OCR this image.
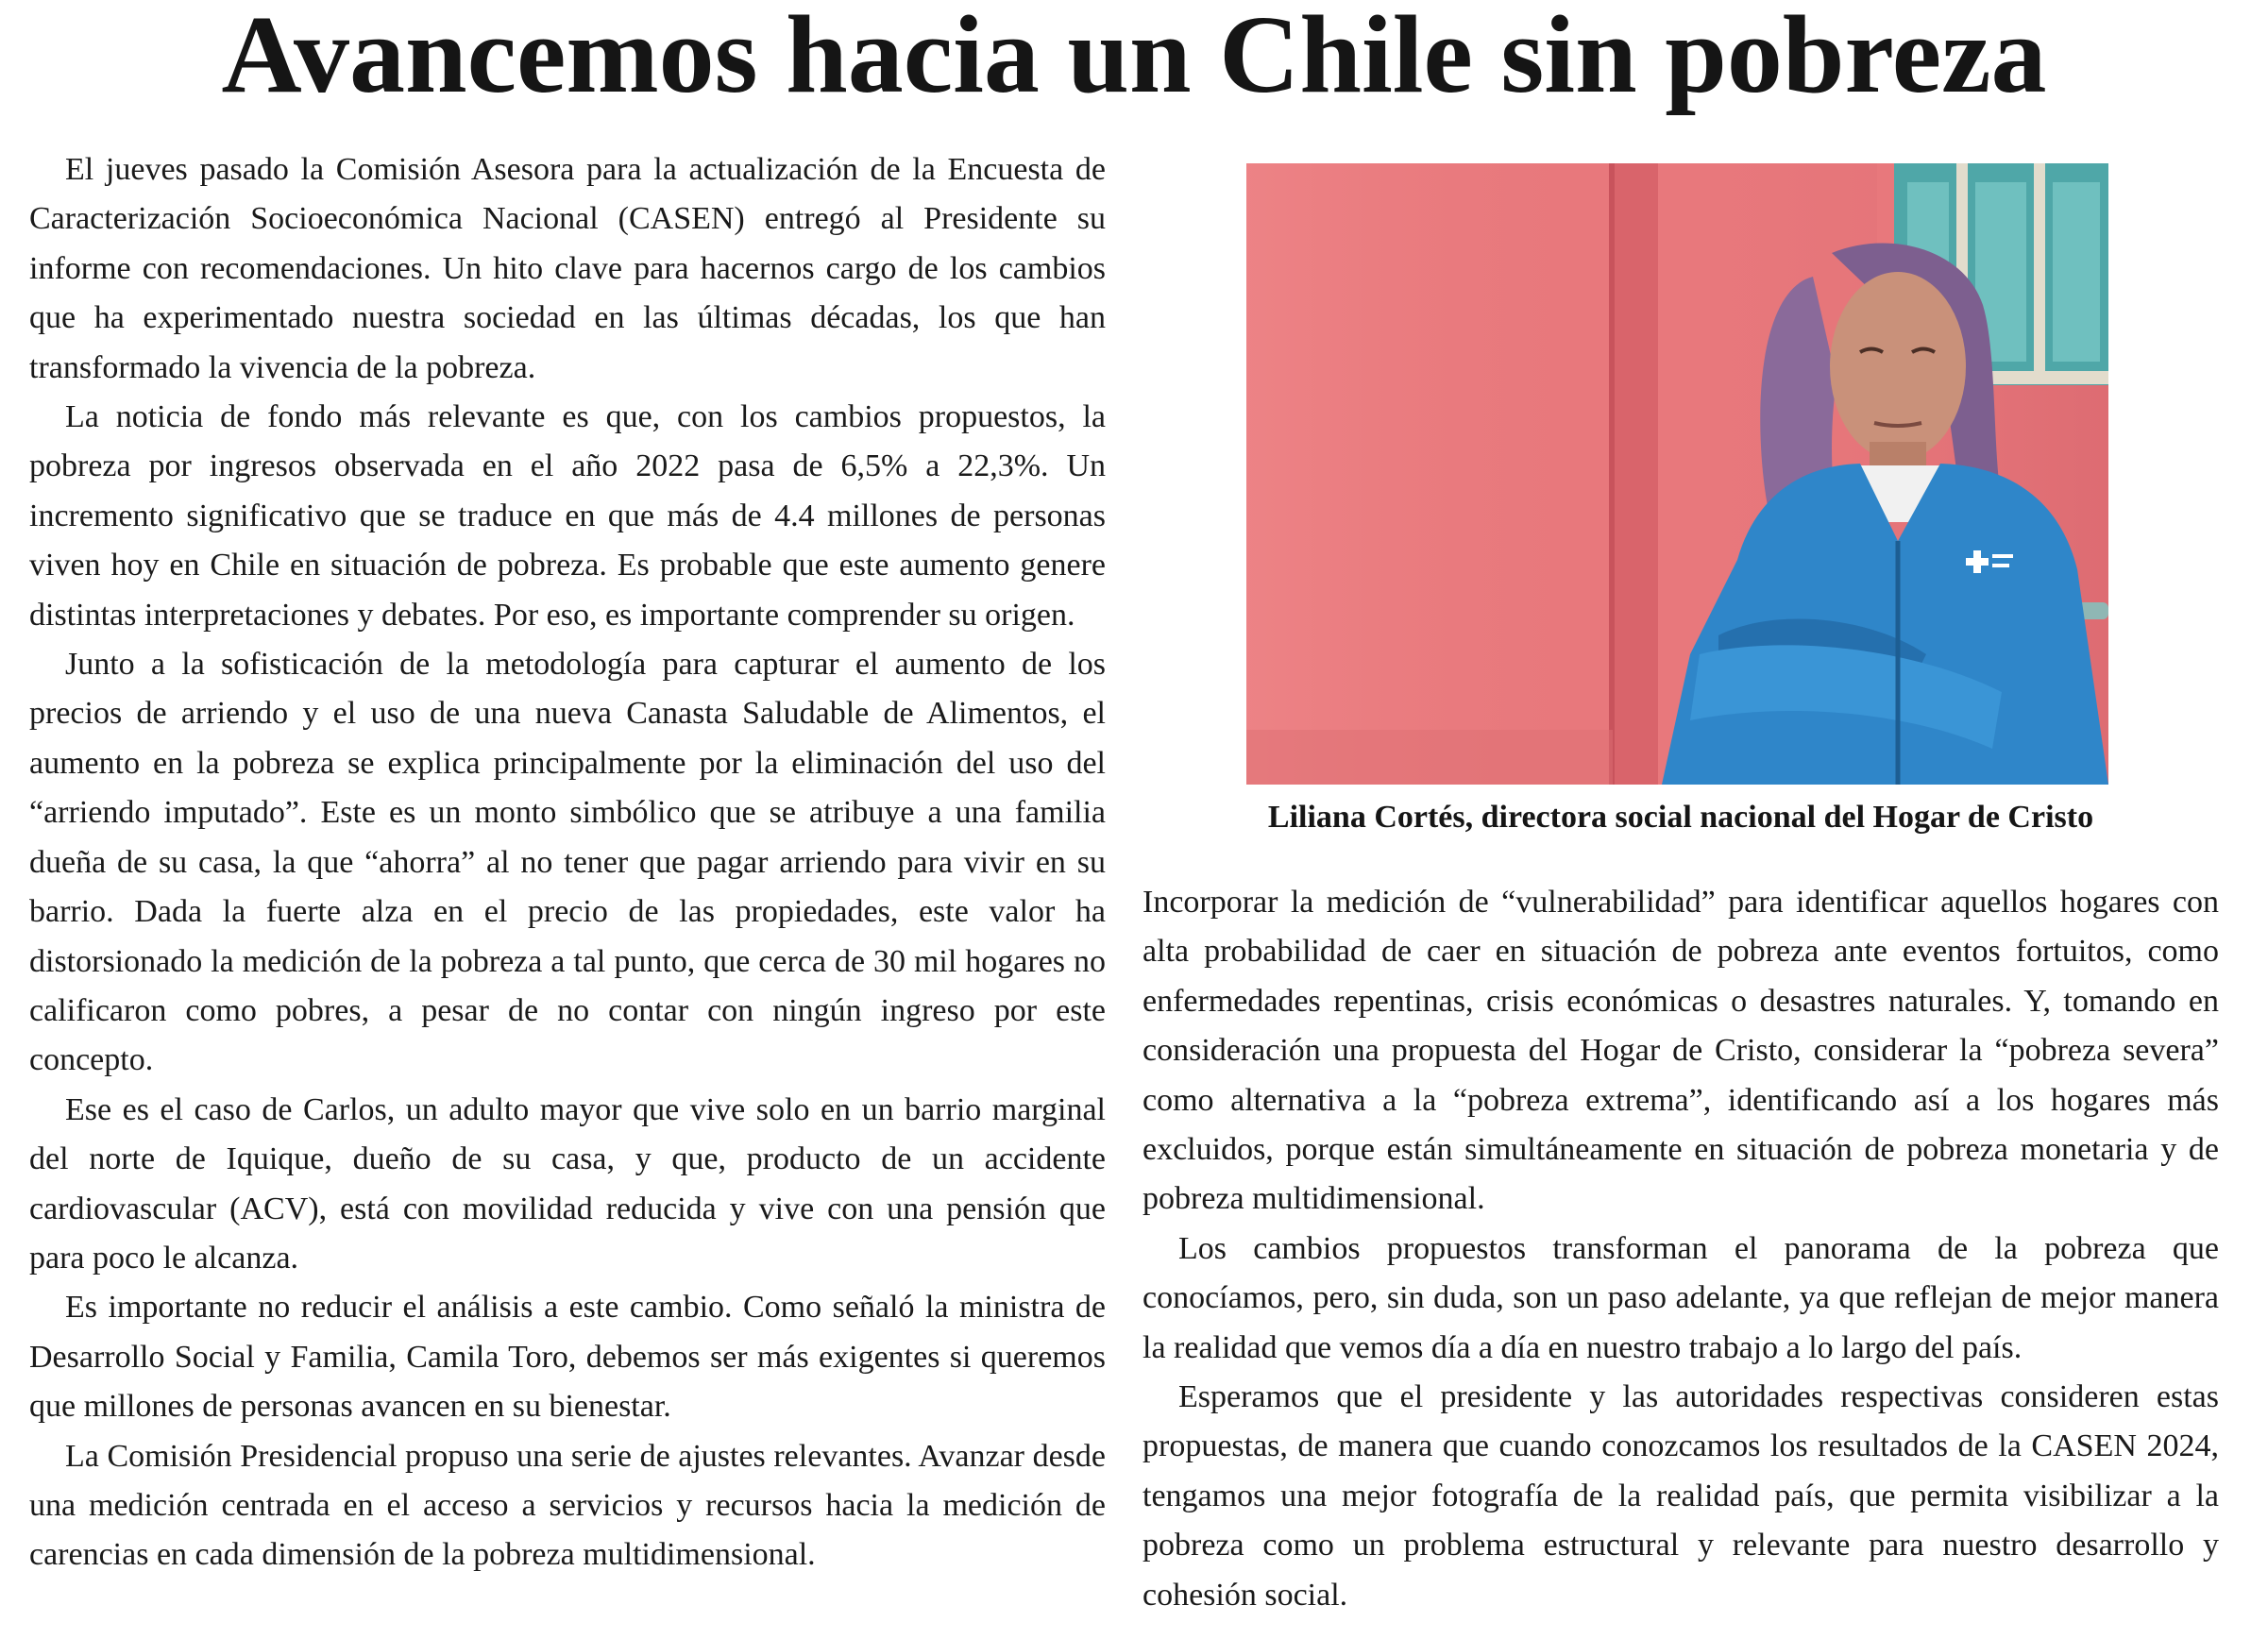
Avancemos hacia un Chile sin pobreza

El jueves pasado la Comisión Asesora para la actualización de la Encuesta de Caracterización Socioeconómica Nacional (CASEN) entregó al Presidente su informe con recomendaciones. Un hito clave para hacernos cargo de los cambios que ha experimentado nuestra sociedad en las últimas décadas, los que han transformado la vivencia de la pobreza.

La noticia de fondo más relevante es que, con los cambios propuestos, la pobreza por ingresos observada en el año 2022 pasa de 6,5% a 22,3%. Un incremento significativo que se traduce en que más de 4.4 millones de personas viven hoy en Chile en situación de pobreza. Es probable que este aumento genere distintas interpretaciones y debates. Por eso, es importante comprender su origen.

Junto a la sofisticación de la metodología para capturar el aumento de los precios de arriendo y el uso de una nueva Canasta Saludable de Alimentos, el aumento en la pobreza se explica principalmente por la eliminación del uso del “arriendo imputado”. Este es un monto simbólico que se atribuye a una familia dueña de su casa, la que “ahorra” al no tener que pagar arriendo para vivir en su barrio. Dada la fuerte alza en el precio de las propiedades, este valor ha distorsionado la medición de la pobreza a tal punto, que cerca de 30 mil hogares no calificaron como pobres, a pesar de no contar con ningún ingreso por este concepto.

Ese es el caso de Carlos, un adulto mayor que vive solo en un barrio marginal del norte de Iquique, dueño de su casa, y que, producto de un accidente cardiovascular (ACV), está con movilidad reducida y vive con una pensión que para poco le alcanza.

Es importante no reducir el análisis a este cambio. Como señaló la ministra de Desarrollo Social y Familia, Camila Toro, debemos ser más exigentes si queremos que millones de personas avancen en su bienestar.

La Comisión Presidencial propuso una serie de ajustes relevantes. Avanzar desde una medición centrada en el acceso a servicios y recursos hacia la medición de carencias en cada dimensión de la pobreza multidimensional.

Liliana Cortés, directora social nacional del Hogar de Cristo

Incorporar la medición de “vulnerabilidad” para identificar aquellos hogares con alta probabilidad de caer en situación de pobreza ante eventos fortuitos, como enfermedades repentinas, crisis económicas o desastres naturales. Y, tomando en consideración una propuesta del Hogar de Cristo, considerar la “pobreza severa” como alternativa a la “pobreza extrema”, identificando así a los hogares más excluidos, porque están simultáneamente en situación de pobreza monetaria y de pobreza multidimensional.

Los cambios propuestos transforman el panorama de la pobreza que conocíamos, pero, sin duda, son un paso adelante, ya que reflejan de mejor manera la realidad que vemos día a día en nuestro trabajo a lo largo del país.

Esperamos que el presidente y las autoridades respectivas consideren estas propuestas, de manera que cuando conozcamos los resultados de la CASEN 2024, tengamos una mejor fotografía de la realidad país, que permita visibilizar a la pobreza como un problema estructural y relevante para nuestro desarrollo y cohesión social.
